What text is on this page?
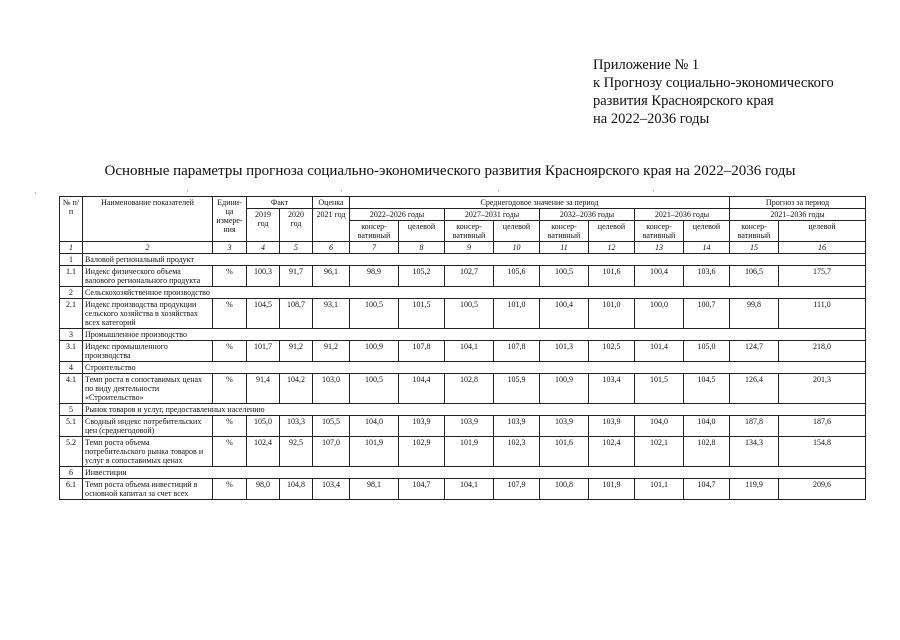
Приложение № 1
к Прогнозу социально-экономического
развития Красноярского края
на 2022–2036 годы
Основные параметры прогноза социально-экономического развития Красноярского края на 2022–2036 годы
·	·	·	·	·
№ п/ п	Наименование показателей	Едини- ца измере- ния	Факт		Оценка	Среднегодовое значение за период								Прогноз за период	
			2019 год	2020 год	2021 год	2022–2026 годы		2027–2031 годы		2032–2036 годы		2021–2036 годы		2021–2036 годы	
						консер- вативный	целевой	консер- вативный	целевой	консер- вативный	целевой	консер- вативный	целевой	консер- вативный	целевой
1	2	3	4	5	6	7	8	9	10	11	12	13	14	15	16
1	Валовой региональный продукт														
1.1	Индекс физического объема валового регионального продукта	%	100,3	91,7	96,1	98,9	105,2	102,7	105,6	100,5	101,6	100,4	103,6	106,5	175,7
2	Сельскохозяйственное производство														
2.1	Индекс производства продукции сельского хозяйства в хозяйствах всех категорий	%	104,5	108,7	93,1	100,5	101,5	100,5	101,0	100,4	101,0	100,0	100,7	99,8	111,0
3	Промышленное производство														
3.1	Индекс промышленного производства	%	101,7	91,2	91,2	100,9	107,8	104,1	107,8	101,3	102,5	101,4	105,0	124,7	218,0
4	Строительство														
4.1	Темп роста в сопоставимых ценах по виду деятельности «Строительство»	%	91,4	104,2	103,0	100,5	104,4	102,8	105,9	100,9	103,4	101,5	104,5	126,4	201,3
5	Рынок товаров и услуг, предоставленных населению														
5.1	Сводный индекс потребительских цен (среднегодовой)	%	105,0	103,3	105,5	104,0	103,9	103,9	103,9	103,9	103,9	104,0	104,0	187,8	187,6
5.2	Темп роста объема потребительского рынка товаров и услуг в сопоставимых ценах	%	102,4	92,5	107,0	101,9	102,9	101,9	102,3	101,6	102,4	102,1	102,8	134,3	154,8
6	Инвестиции														
6.1	Темп роста объема инвестиций в основной капитал за счет всех	%	98,0	104,8	103,4	98,1	104,7	104,1	107,9	100,8	101,9	101,1	104,7	119,9	209,6
